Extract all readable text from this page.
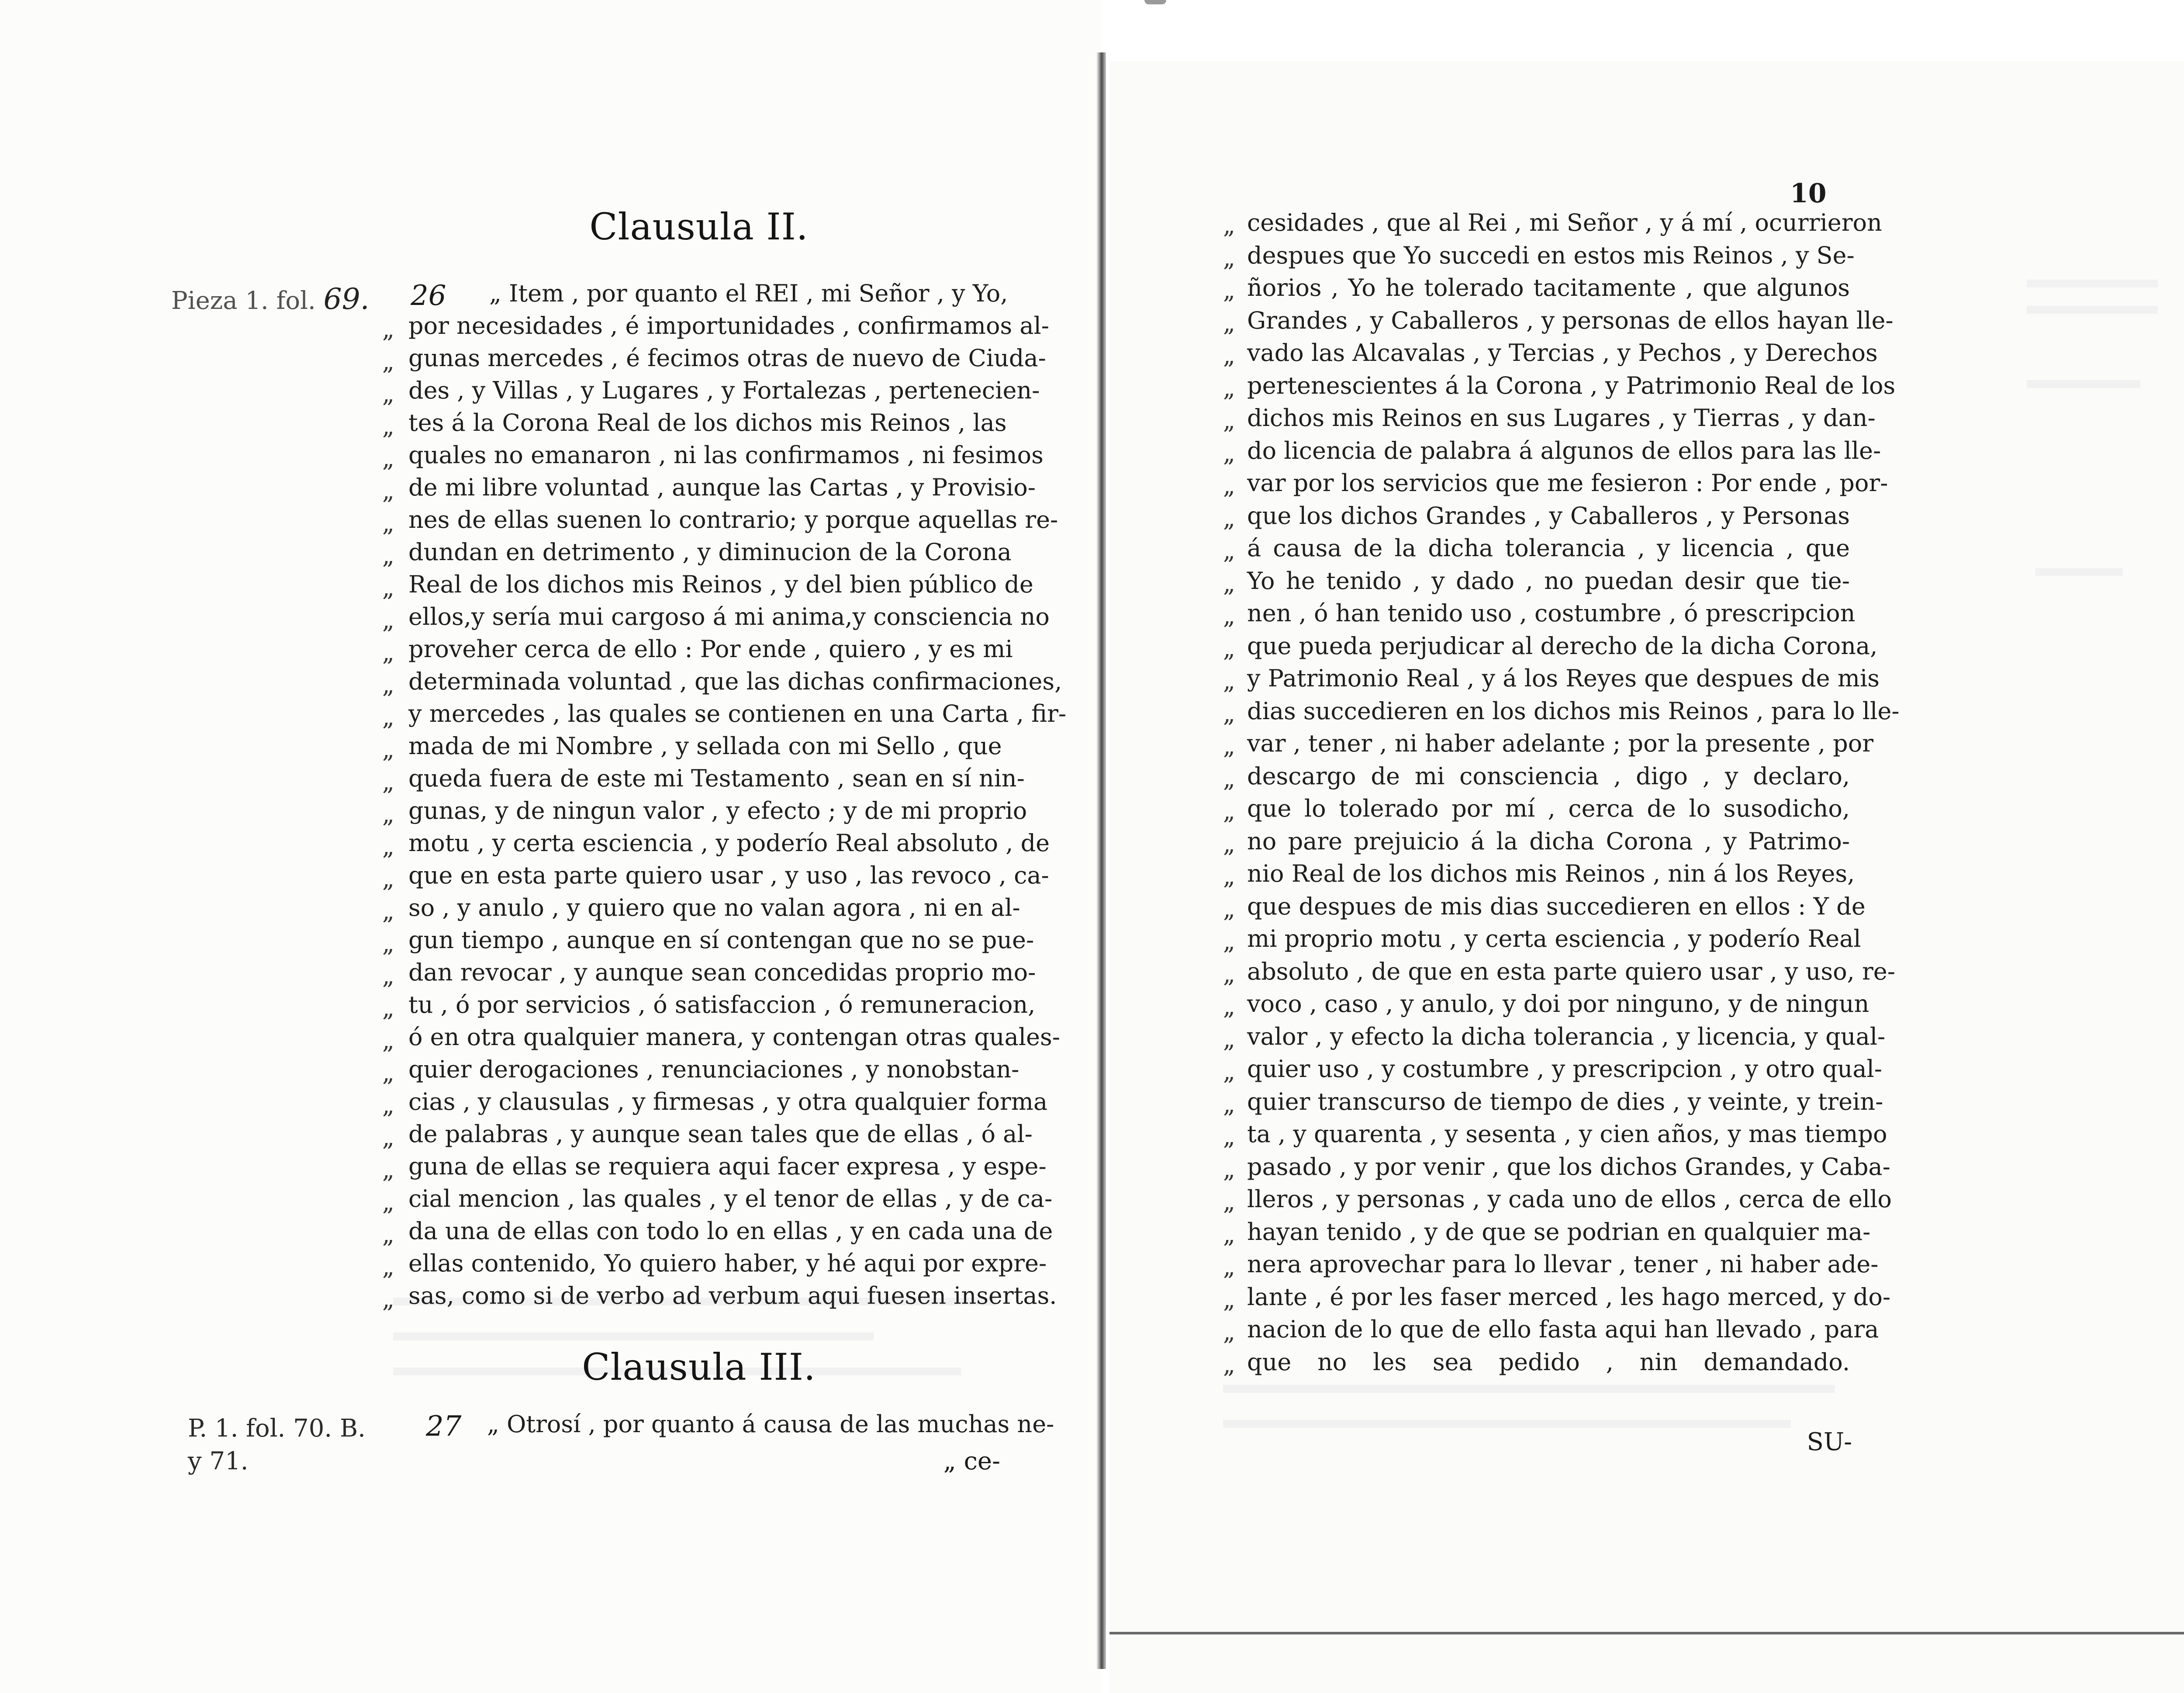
Clausula II.
Pieza 1. fol. 69. 26 „ Item , por quanto el REI , mi Señor , y Yo,
„ por necesidades , é importunidades , confirmamos al-
„ gunas mercedes , é fecimos otras de nuevo de Ciuda-
„ des , y Villas , y Lugares , y Fortalezas , pertenecien-
„ tes á la Corona Real de los dichos mis Reinos , las
„ quales no emanaron , ni las confirmamos , ni fesimos
„ de mi libre voluntad , aunque las Cartas , y Provisio-
„ nes de ellas suenen lo contrario; y porque aquellas re-
„ dundan en detrimento , y diminucion de la Corona
„ Real de los dichos mis Reinos , y del bien público de
„ ellos,y sería mui cargoso á mi anima,y consciencia no
„ proveher cerca de ello : Por ende , quiero , y es mi
„ determinada voluntad , que las dichas confirmaciones,
„ y mercedes , las quales se contienen en una Carta , fir-
„ mada de mi Nombre , y sellada con mi Sello , que
„ queda fuera de este mi Testamento , sean en sí nin-
„ gunas, y de ningun valor , y efecto ; y de mi proprio
„ motu , y certa esciencia , y poderío Real absoluto , de
„ que en esta parte quiero usar , y uso , las revoco , ca-
„ so , y anulo , y quiero que no valan agora , ni en al-
„ gun tiempo , aunque en sí contengan que no se pue-
„ dan revocar , y aunque sean concedidas proprio mo-
„ tu , ó por servicios , ó satisfaccion , ó remuneracion,
„ ó en otra qualquier manera, y contengan otras quales-
„ quier derogaciones , renunciaciones , y nonobstan-
„ cias , y clausulas , y firmesas , y otra qualquier forma
„ de palabras , y aunque sean tales que de ellas , ó al-
„ guna de ellas se requiera aqui facer expresa , y espe-
„ cial mencion , las quales , y el tenor de ellas , y de ca-
„ da una de ellas con todo lo en ellas , y en cada una de
„ ellas contenido, Yo quiero haber, y hé aqui por expre-
„ sas, como si de verbo ad verbum aqui fuesen insertas.
Clausula III.
P. 1. fol. 70. B.
y 71.
27 „ Otrosí , por quanto á causa de las muchas ne-
„ ce-
10
„ cesidades , que al Rei , mi Señor , y á mí , ocurrieron
„ despues que Yo succedi en estos mis Reinos , y Se-
„ ñorios , Yo he tolerado tacitamente , que algunos
„ Grandes , y Caballeros , y personas de ellos hayan lle-
„ vado las Alcavalas , y Tercias , y Pechos , y Derechos
„ pertenescientes á la Corona , y Patrimonio Real de los
„ dichos mis Reinos en sus Lugares , y Tierras , y dan-
„ do licencia de palabra á algunos de ellos para las lle-
„ var por los servicios que me fesieron : Por ende , por-
„ que los dichos Grandes , y Caballeros , y Personas
„ á causa de la dicha tolerancia , y licencia , que
„ Yo he tenido , y dado , no puedan desir que tie-
„ nen , ó han tenido uso , costumbre , ó prescripcion
„ que pueda perjudicar al derecho de la dicha Corona,
„ y Patrimonio Real , y á los Reyes que despues de mis
„ dias succedieren en los dichos mis Reinos , para lo lle-
„ var , tener , ni haber adelante ; por la presente , por
„ descargo de mi consciencia , digo , y declaro,
„ que lo tolerado por mí , cerca de lo susodicho,
„ no pare prejuicio á la dicha Corona , y Patrimo-
„ nio Real de los dichos mis Reinos , nin á los Reyes,
„ que despues de mis dias succedieren en ellos : Y de
„ mi proprio motu , y certa esciencia , y poderío Real
„ absoluto , de que en esta parte quiero usar , y uso, re-
„ voco , caso , y anulo, y doi por ninguno, y de ningun
„ valor , y efecto la dicha tolerancia , y licencia, y qual-
„ quier uso , y costumbre , y prescripcion , y otro qual-
„ quier transcurso de tiempo de dies , y veinte, y trein-
„ ta , y quarenta , y sesenta , y cien años, y mas tiempo
„ pasado , y por venir , que los dichos Grandes, y Caba-
„ lleros , y personas , y cada uno de ellos , cerca de ello
„ hayan tenido , y de que se podrian en qualquier ma-
„ nera aprovechar para lo llevar , tener , ni haber ade-
„ lante , é por les faser merced , les hago merced, y do-
„ nacion de lo que de ello fasta aqui han llevado , para
„ que no les sea pedido , nin demandado.
SU-
